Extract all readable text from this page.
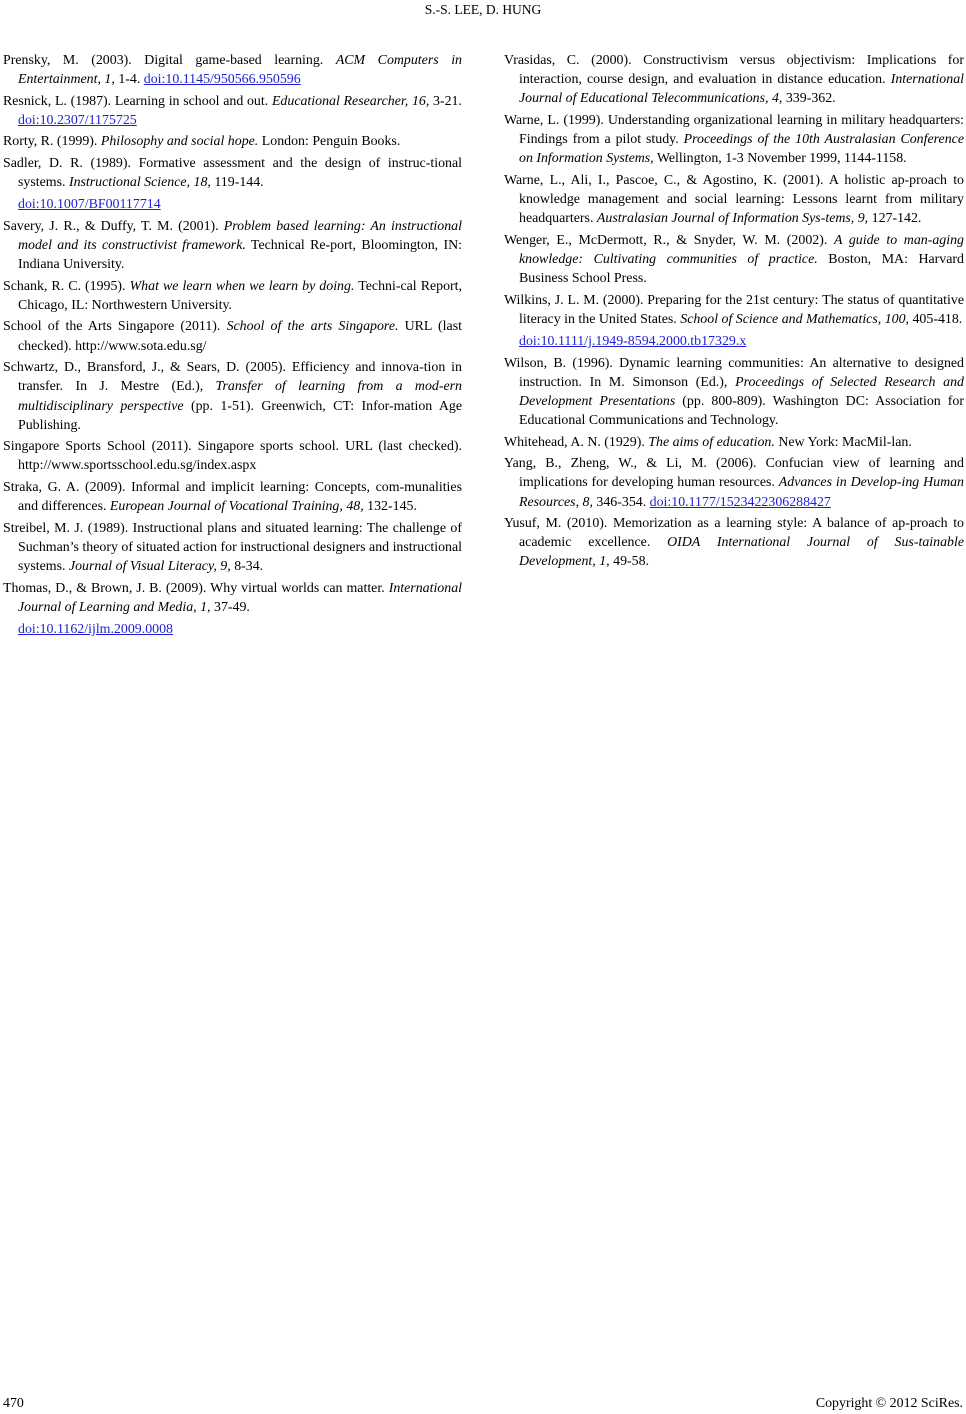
S.-S. LEE, D. HUNG

Prensky, M. (2003). Digital game-based learning. ACM Computers in Entertainment, 1, 1-4. doi:10.1145/950566.950596

Resnick, L. (1987). Learning in school and out. Educational Researcher, 16, 3-21. doi:10.2307/1175725

Rorty, R. (1999). Philosophy and social hope. London: Penguin Books.

Sadler, D. R. (1989). Formative assessment and the design of instruc-tional systems. Instructional Science, 18, 119-144.
doi:10.1007/BF00117714

Savery, J. R., & Duffy, T. M. (2001). Problem based learning: An instructional model and its constructivist framework. Technical Re-port, Bloomington, IN: Indiana University.

Schank, R. C. (1995). What we learn when we learn by doing. Techni-cal Report, Chicago, IL: Northwestern University.

School of the Arts Singapore (2011). School of the arts Singapore. URL (last checked). http://www.sota.edu.sg/

Schwartz, D., Bransford, J., & Sears, D. (2005). Efficiency and innova-tion in transfer. In J. Mestre (Ed.), Transfer of learning from a mod-ern multidisciplinary perspective (pp. 1-51). Greenwich, CT: Infor-mation Age Publishing.

Singapore Sports School (2011). Singapore sports school. URL (last checked). http://www.sportsschool.edu.sg/index.aspx

Straka, G. A. (2009). Informal and implicit learning: Concepts, com-munalities and differences. European Journal of Vocational Training, 48, 132-145.

Streibel, M. J. (1989). Instructional plans and situated learning: The challenge of Suchman’s theory of situated action for instructional designers and instructional systems. Journal of Visual Literacy, 9, 8-34.

Thomas, D., & Brown, J. B. (2009). Why virtual worlds can matter. International Journal of Learning and Media, 1, 37-49.
doi:10.1162/ijlm.2009.0008

Vrasidas, C. (2000). Constructivism versus objectivism: Implications for interaction, course design, and evaluation in distance education. International Journal of Educational Telecommunications, 4, 339-362.

Warne, L. (1999). Understanding organizational learning in military headquarters: Findings from a pilot study. Proceedings of the 10th Australasian Conference on Information Systems, Wellington, 1-3 November 1999, 1144-1158.

Warne, L., Ali, I., Pascoe, C., & Agostino, K. (2001). A holistic ap-proach to knowledge management and social learning: Lessons learnt from military headquarters. Australasian Journal of Information Sys-tems, 9, 127-142.

Wenger, E., McDermott, R., & Snyder, W. M. (2002). A guide to man-aging knowledge: Cultivating communities of practice. Boston, MA: Harvard Business School Press.

Wilkins, J. L. M. (2000). Preparing for the 21st century: The status of quantitative literacy in the United States. School of Science and Mathematics, 100, 405-418.
doi:10.1111/j.1949-8594.2000.tb17329.x

Wilson, B. (1996). Dynamic learning communities: An alternative to designed instruction. In M. Simonson (Ed.), Proceedings of Selected Research and Development Presentations (pp. 800-809). Washington DC: Association for Educational Communications and Technology.

Whitehead, A. N. (1929). The aims of education. New York: MacMil-lan.

Yang, B., Zheng, W., & Li, M. (2006). Confucian view of learning and implications for developing human resources. Advances in Develop-ing Human Resources, 8, 346-354. doi:10.1177/1523422306288427

Yusuf, M. (2010). Memorization as a learning style: A balance of ap-proach to academic excellence. OIDA International Journal of Sus-tainable Development, 1, 49-58.

470	Copyright © 2012 SciRes.
